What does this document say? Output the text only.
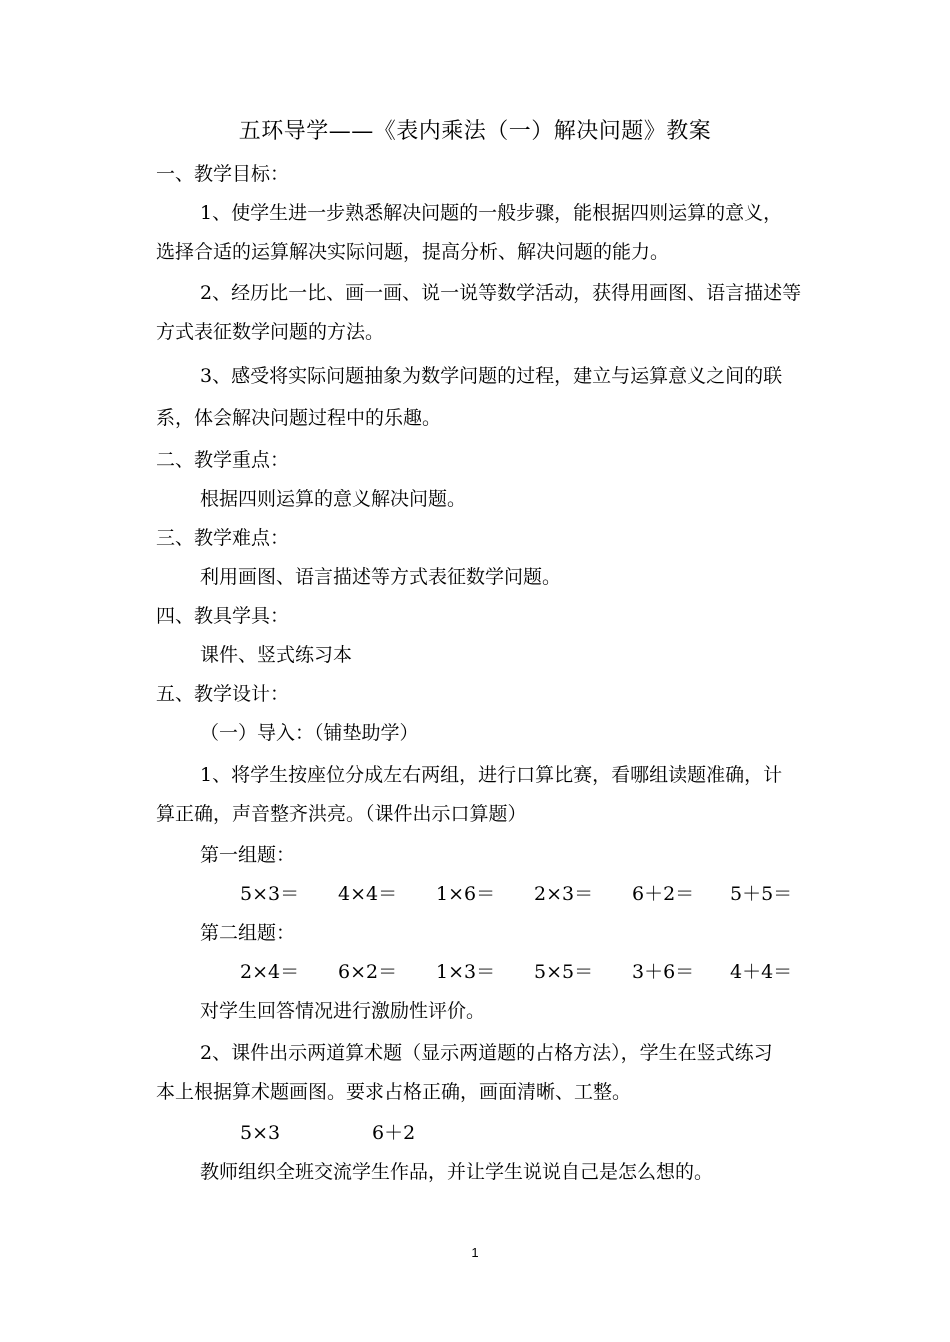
五环导学——《表内乘法（一）解决问题》教案
一、教学目标：
1、使学生进一步熟悉解决问题的一般步骤，能根据四则运算的意义，
选择合适的运算解决实际问题，提高分析、解决问题的能力。
2、经历比一比、画一画、说一说等数学活动，获得用画图、语言描述等
方式表征数学问题的方法。
3、感受将实际问题抽象为数学问题的过程，建立与运算意义之间的联
系，体会解决问题过程中的乐趣。
二、教学重点：
根据四则运算的意义解决问题。
三、教学难点：
利用画图、语言描述等方式表征数学问题。
四、教具学具：
课件、竖式练习本
五、教学设计：
（一）导入：（铺垫助学）
1、将学生按座位分成左右两组，进行口算比赛，看哪组读题准确，计
算正确，声音整齐洪亮。（课件出示口算题）
第一组题：
5×3＝ 4×4＝ 1×6＝ 2×3＝ 6＋2＝ 5＋5＝
第二组题：
2×4＝ 6×2＝ 1×3＝ 5×5＝ 3＋6＝ 4＋4＝
对学生回答情况进行激励性评价。
2、课件出示两道算术题（显示两道题的占格方法），学生在竖式练习
本上根据算术题画图。要求占格正确，画面清晰、工整。
5×3	6＋2
教师组织全班交流学生作品，并让学生说说自己是怎么想的。
1
